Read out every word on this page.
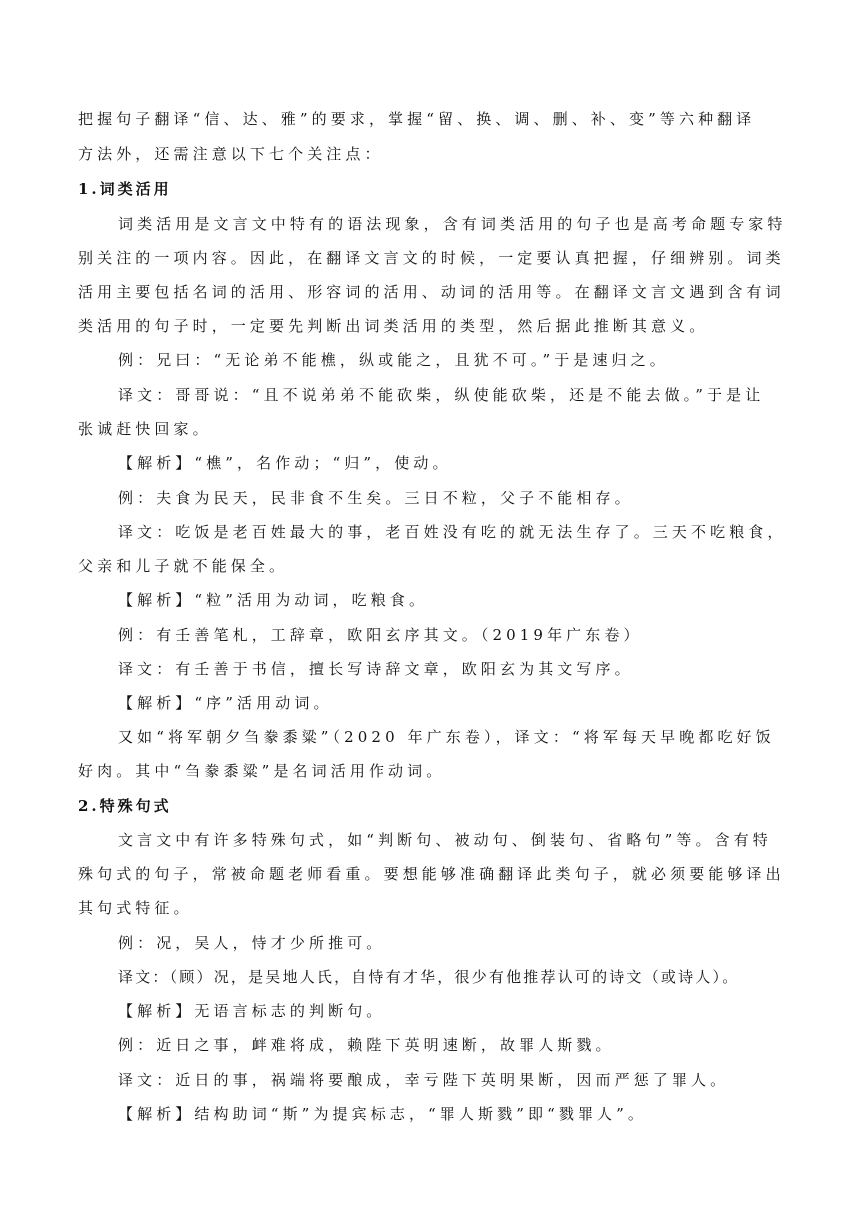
把握句子翻译“信、达、雅”的要求，掌握“留、换、调、删、补、变”等六种翻译
方法外，还需注意以下七个关注点：
1.词类活用
词类活用是文言文中特有的语法现象，含有词类活用的句子也是高考命题专家特
别关注的一项内容。因此，在翻译文言文的时候，一定要认真把握，仔细辨别。词类
活用主要包括名词的活用、形容词的活用、动词的活用等。在翻译文言文遇到含有词
类活用的句子时，一定要先判断出词类活用的类型，然后据此推断其意义。
例：兄曰：“无论弟不能樵，纵或能之，且犹不可。”于是速归之。
译文：哥哥说：“且不说弟弟不能砍柴，纵使能砍柴，还是不能去做。”于是让
张诚赶快回家。
【解析】“樵”，名作动；“归”，使动。
例：夫食为民天，民非食不生矣。三日不粒，父子不能相存。
译文：吃饭是老百姓最大的事，老百姓没有吃的就无法生存了。三天不吃粮食，
父亲和儿子就不能保全。
【解析】“粒”活用为动词，吃粮食。
例：有壬善笔札，工辞章，欧阳玄序其文。（2019年广东卷）
译文：有壬善于书信，擅长写诗辞文章，欧阳玄为其文写序。
【解析】“序”活用动词。
又如“将军朝夕刍豢黍粱”（2020 年广东卷），译文：“将军每天早晚都吃好饭
好肉。其中“刍豢黍粱”是名词活用作动词。
2.特殊句式
文言文中有许多特殊句式，如“判断句、被动句、倒装句、省略句”等。含有特
殊句式的句子，常被命题老师看重。要想能够准确翻译此类句子，就必须要能够译出
其句式特征。
例：况，吴人，恃才少所推可。
译文：（顾）况，是吴地人氏，自恃有才华，很少有他推荐认可的诗文（或诗人）。
【解析】无语言标志的判断句。
例：近日之事，衅难将成，赖陛下英明速断，故罪人斯戮。
译文：近日的事，祸端将要酿成，幸亏陛下英明果断，因而严惩了罪人。
【解析】结构助词“斯”为提宾标志，“罪人斯戮”即“戮罪人”。
